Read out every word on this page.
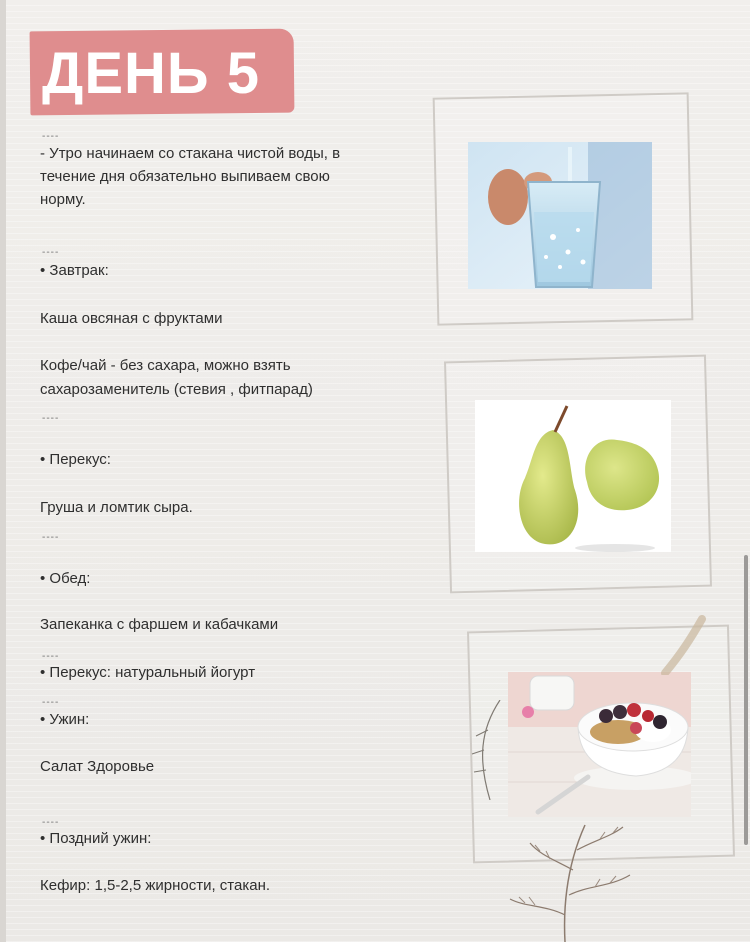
ДЕНЬ 5
----
- Утро начинаем со стакана чистой воды, в
течение дня обязательно выпиваем свою
норму.
----
• Завтрак:
Каша овсяная с фруктами
Кофе/чай - без сахара, можно взять
сахарозаменитель (стевия , фитпарад)
----
• Перекус:
Груша и ломтик сыра.
----
• Обед:
Запеканка с фаршем и кабачками
----
• Перекус: натуральный йогурт
----
• Ужин:
Салат Здоровье
----
• Поздний ужин:
Кефир: 1,5-2,5 жирности, стакан.
